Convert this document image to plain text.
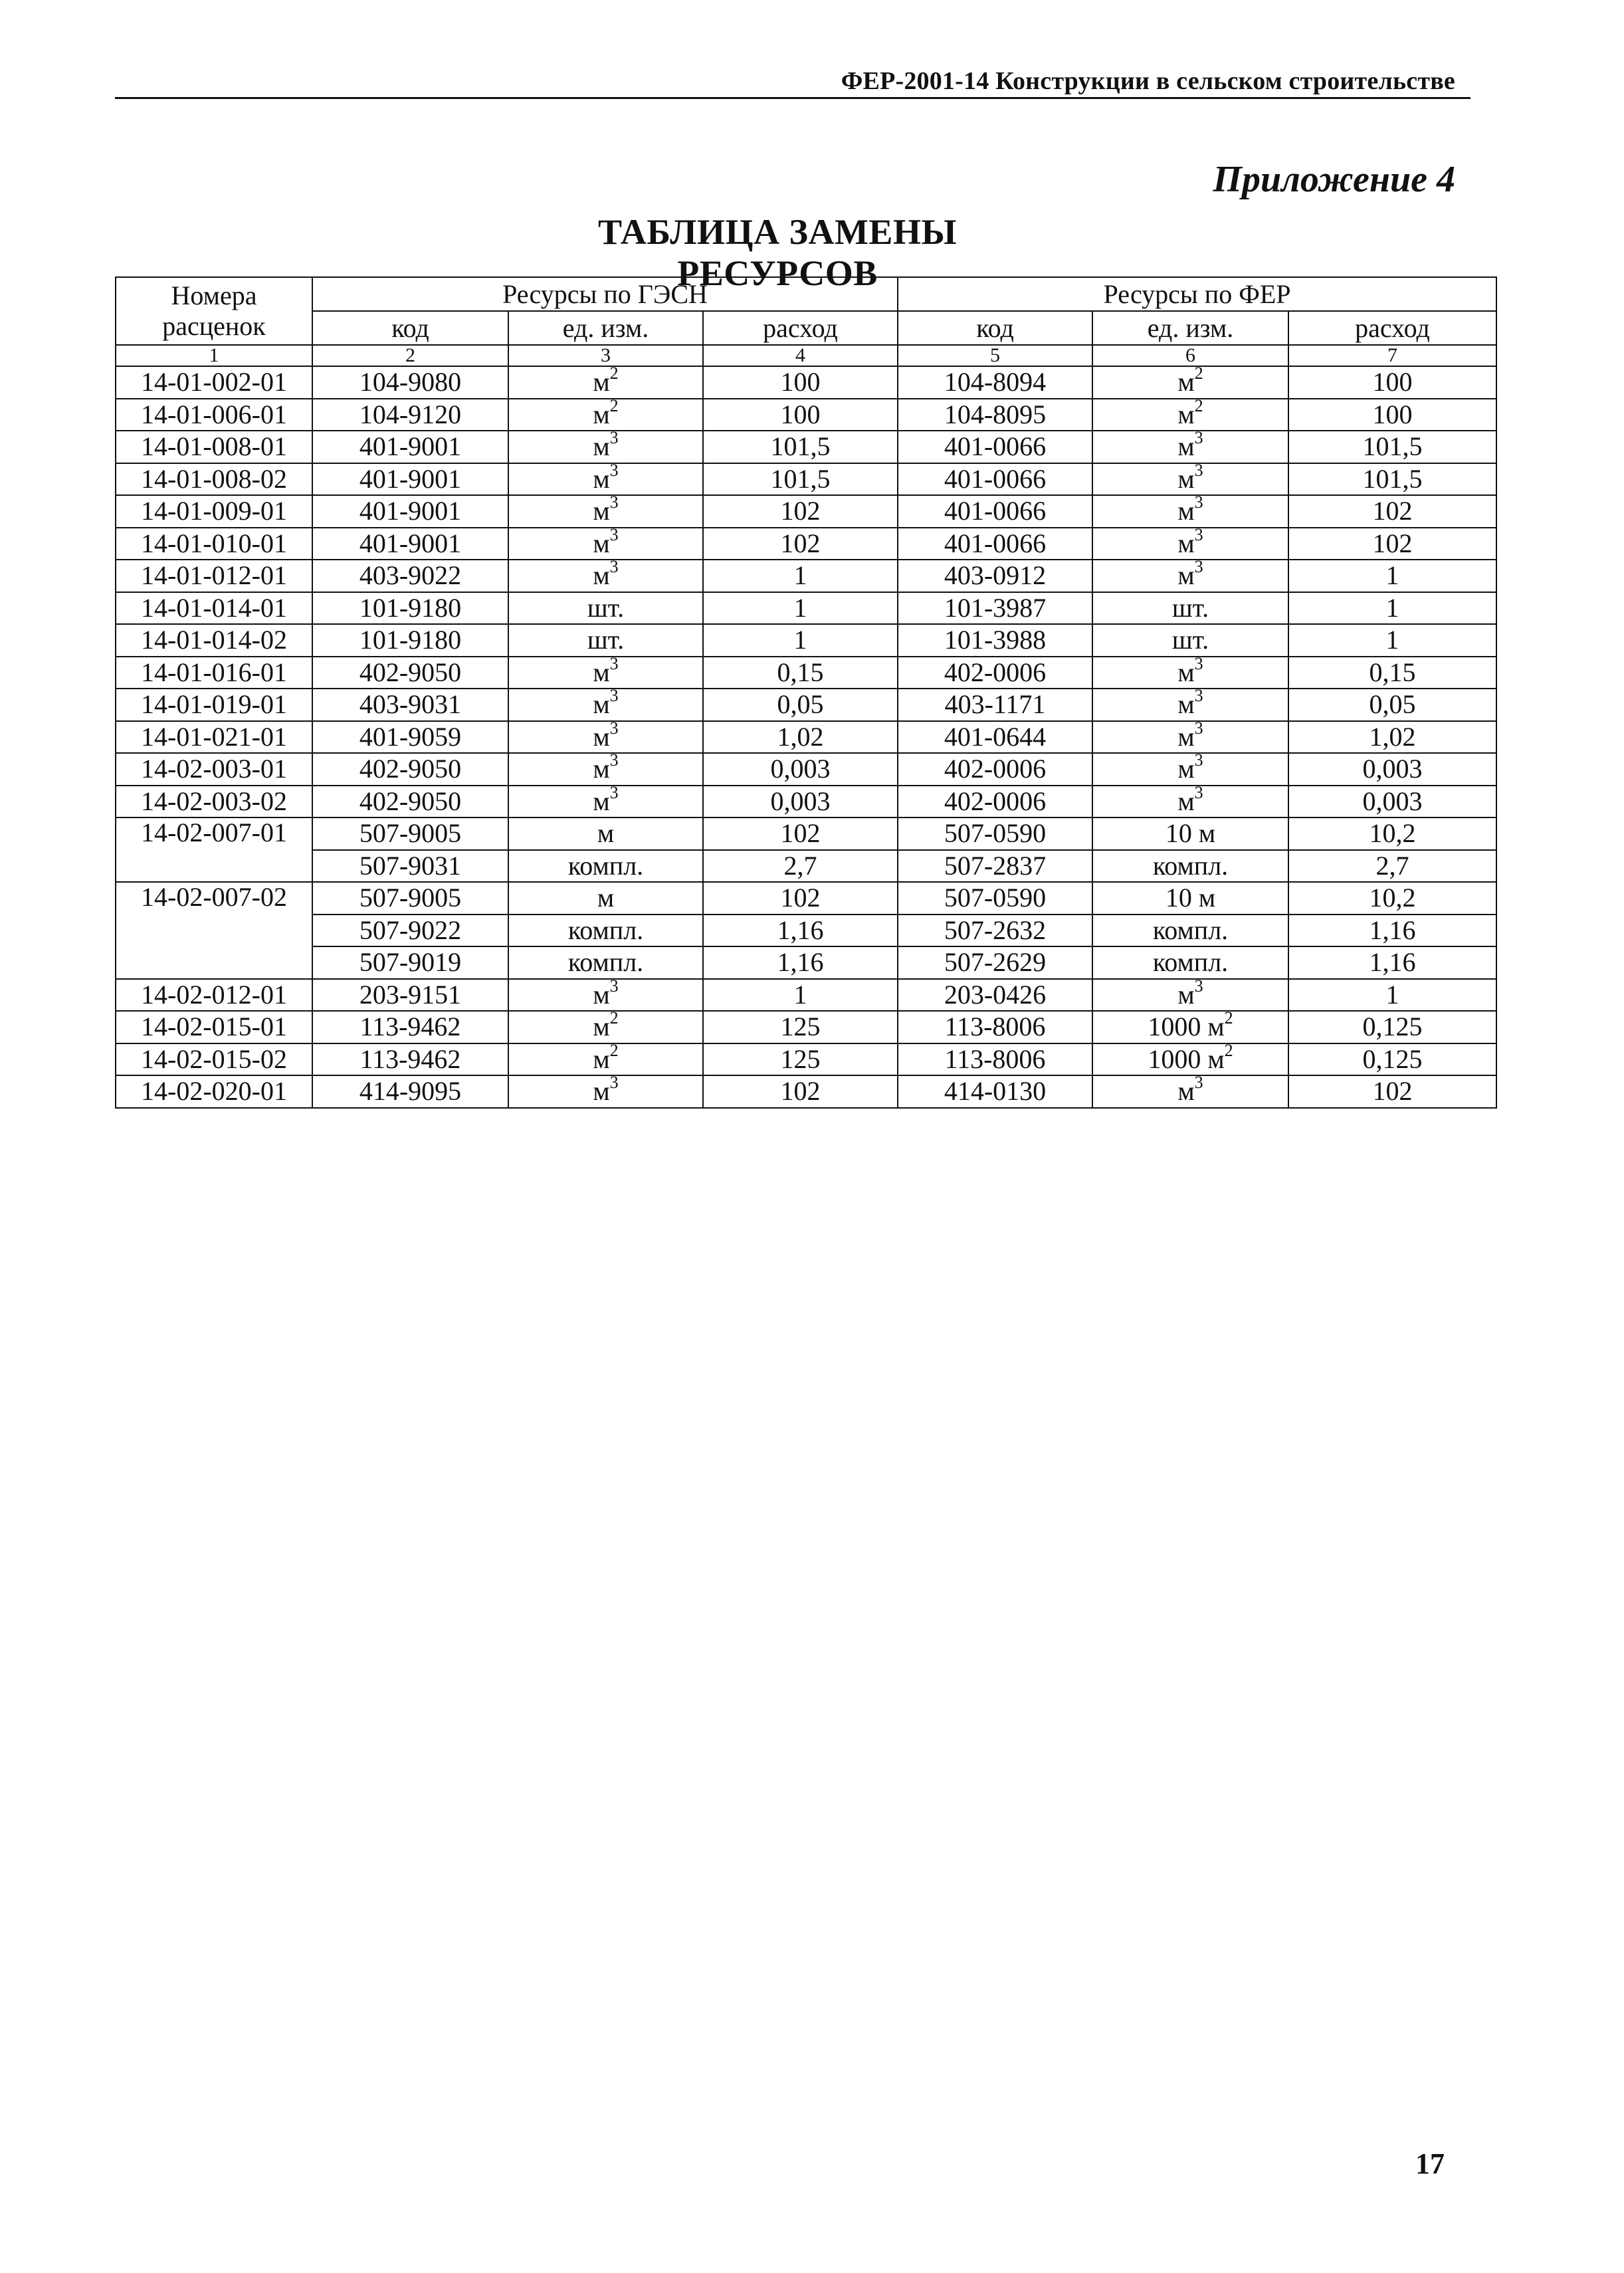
ФЕР-2001-14 Конструкции в сельском строительстве
Приложение 4
ТАБЛИЦА ЗАМЕНЫ РЕСУРСОВ
Номера расценок	Ресурсы по ГЭСН			Ресурсы по ФЕР		
	код	ед. изм.	расход	код	ед. изм.	расход
1	2	3	4	5	6	7
14-01-002-01	104-9080	$м^2$	100	104-8094	$м^2$	100
14-01-006-01	104-9120	$м^2$	100	104-8095	$м^2$	100
14-01-008-01	401-9001	$м^3$	101,5	401-0066	$м^3$	101,5
14-01-008-02	401-9001	$м^3$	101,5	401-0066	$м^3$	101,5
14-01-009-01	401-9001	$м^3$	102	401-0066	$м^3$	102
14-01-010-01	401-9001	$м^3$	102	401-0066	$м^3$	102
14-01-012-01	403-9022	$м^3$	1	403-0912	$м^3$	1
14-01-014-01	101-9180	шт.	1	101-3987	шт.	1
14-01-014-02	101-9180	шт.	1	101-3988	шт.	1
14-01-016-01	402-9050	$м^3$	0,15	402-0006	$м^3$	0,15
14-01-019-01	403-9031	$м^3$	0,05	403-1171	$м^3$	0,05
14-01-021-01	401-9059	$м^3$	1,02	401-0644	$м^3$	1,02
14-02-003-01	402-9050	$м^3$	0,003	402-0006	$м^3$	0,003
14-02-003-02	402-9050	$м^3$	0,003	402-0006	$м^3$	0,003
14-02-007-01	507-9005	м	102	507-0590	10 м	10,2
	507-9031	компл.	2,7	507-2837	компл.	2,7
14-02-007-02	507-9005	м	102	507-0590	10 м	10,2
	507-9022	компл.	1,16	507-2632	компл.	1,16
	507-9019	компл.	1,16	507-2629	компл.	1,16
14-02-012-01	203-9151	$м^3$	1	203-0426	$м^3$	1
14-02-015-01	113-9462	$м^2$	125	113-8006	1000 $м^2$	0,125
14-02-015-02	113-9462	$м^2$	125	113-8006	1000 $м^2$	0,125
14-02-020-01	414-9095	$м^3$	102	414-0130	$м^3$	102
17
